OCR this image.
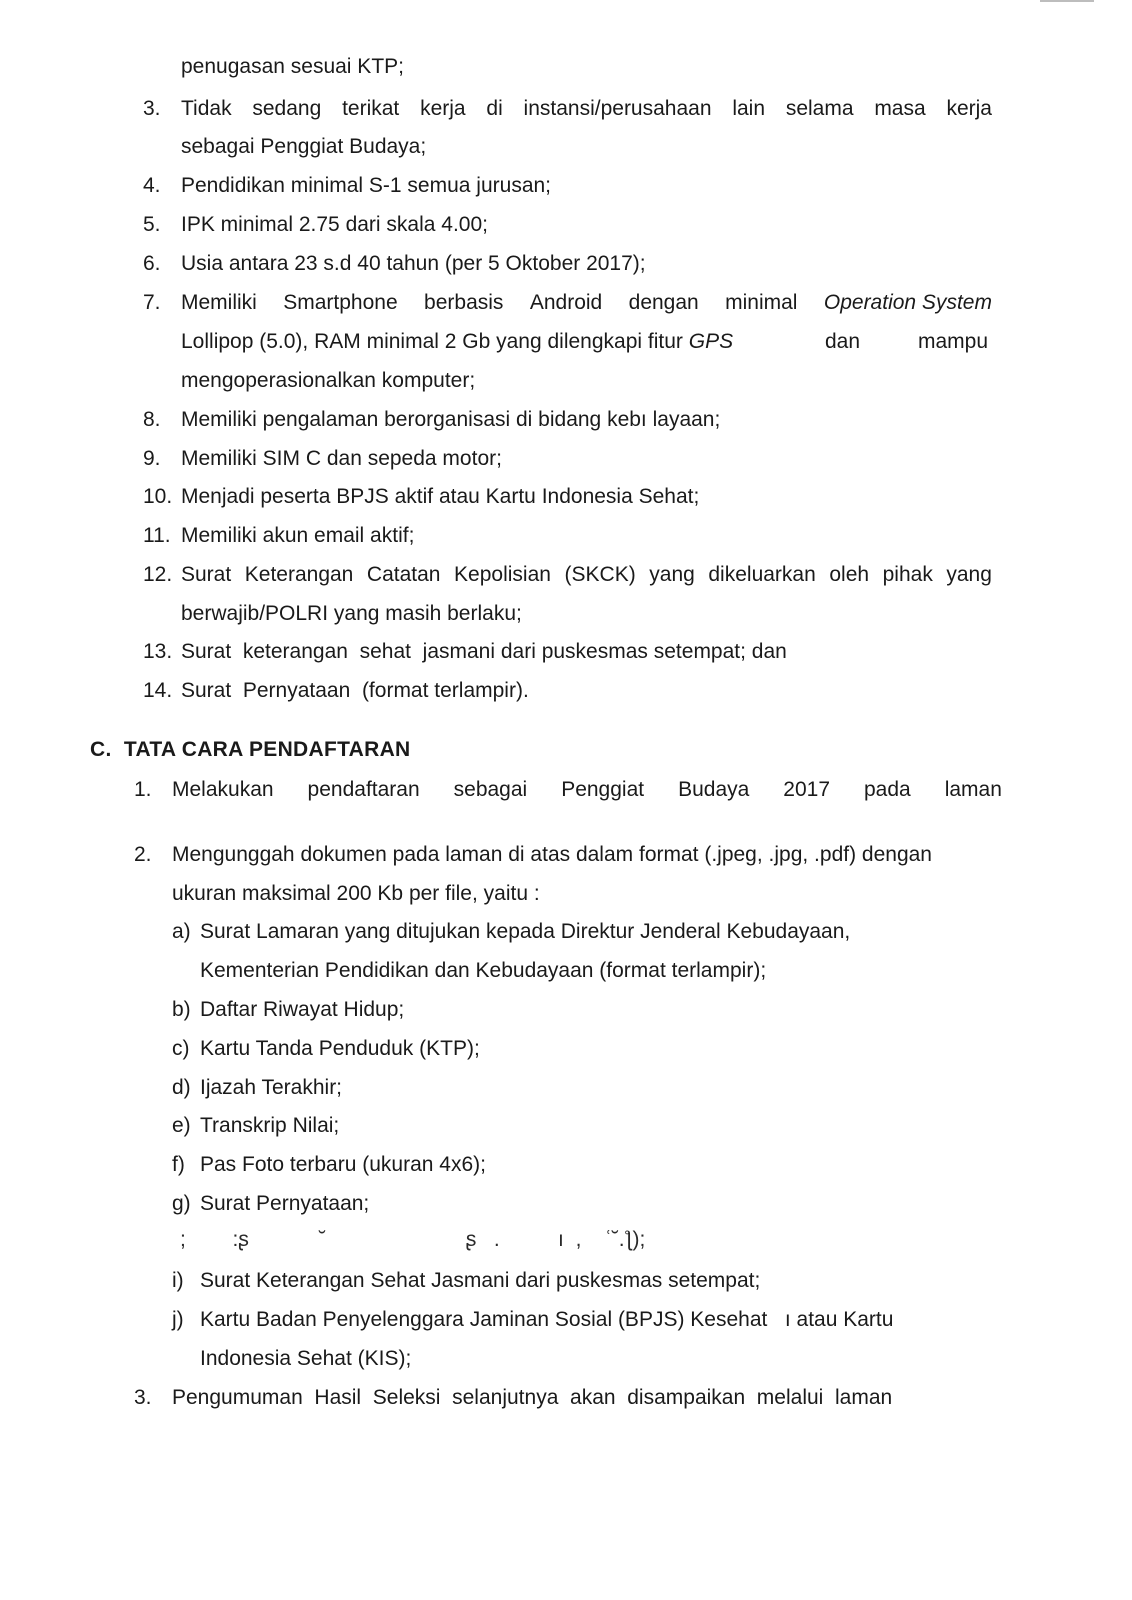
penugasan sesuai KTP;
3. Tidak sedang terikat kerja di instansi/perusahaan lain selama masa kerja
sebagai Penggiat Budaya;
4. Pendidikan minimal S-1 semua jurusan;
5. IPK minimal 2.75 dari skala 4.00;
6. Usia antara 23 s.d 40 tahun (per 5 Oktober 2017);
7. Memiliki Smartphone berbasis Android dengan minimal Operation System
Lollipop (5.0), RAM minimal 2 Gb yang dilengkapi fitur GPS	dan	mampu
mengoperasionalkan komputer;
8. Memiliki pengalaman berorganisasi di bidang kebı layaan;
9. Memiliki SIM C dan sepeda motor;
10. Menjadi peserta BPJS aktif atau Kartu Indonesia Sehat;
11. Memiliki akun email aktif;
12. Surat Keterangan Catatan Kepolisian (SKCK) yang dikeluarkan oleh pihak yang
berwajib/POLRI yang masih berlaku;
13. Surat  keterangan  sehat  jasmani dari puskesmas setempat; dan
14. Surat  Pernyataan  (format terlampir).
C.  TATA CARA PENDAFTARAN
1. Melakukan pendaftaran sebagai Penggiat Budaya 2017 pada laman
2. Mengunggah dokumen pada laman di atas dalam format (.jpeg, .jpg, .pdf) dengan
ukuran maksimal 200 Kb per file, yaitu :
a) Surat Lamaran yang ditujukan kepada Direktur Jenderal Kebudayaan,
Kementerian Pendidikan dan Kebudayaan (format terlampir);
b) Daftar Riwayat Hidup;
c) Kartu Tanda Penduduk (KTP);
d) Ijazah Terakhir;
e) Transkrip Nilai;
f) Pas Foto terbaru (ukuran 4x6);
g) Surat Pernyataan;
;        :ʂ            ˘                        ʂ   .          ı  ,    ʿ˘.ƪ);
i) Surat Keterangan Sehat Jasmani dari puskesmas setempat;
j) Kartu Badan Penyelenggara Jaminan Sosial (BPJS) Kesehat   ı atau Kartu
Indonesia Sehat (KIS);
3. Pengumuman  Hasil  Seleksi  selanjutnya  akan  disampaikan  melalui  laman
